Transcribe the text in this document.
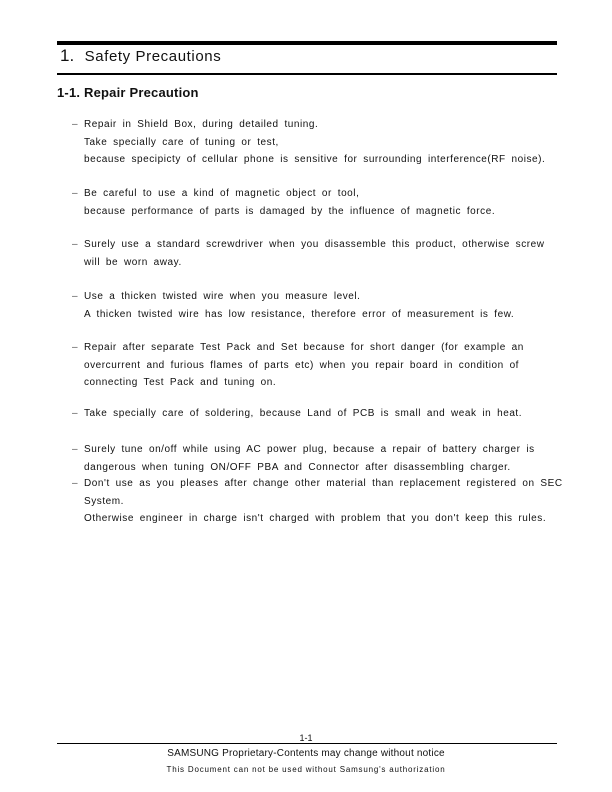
1. Safety Precautions
1-1. Repair Precaution
– Repair in Shield Box, during detailed tuning.
Take specially care of tuning or test,
because specipicty of cellular phone is sensitive for surrounding interference(RF noise).
– Be careful to use a kind of magnetic object or tool,
because performance of parts is damaged by the influence of magnetic force.
– Surely use a standard screwdriver when you disassemble this product, otherwise screw
will be worn away.
– Use a thicken twisted wire when you measure level.
A thicken twisted wire has low resistance, therefore error of measurement is few.
– Repair after separate Test Pack and Set because for short danger (for example an
overcurrent and furious flames of parts etc) when you repair board in condition of
connecting Test Pack and tuning on.
– Take specially care of soldering, because Land of PCB is small and weak in heat.
– Surely tune on/off while using AC power plug, because a repair of battery charger is
dangerous when tuning ON/OFF PBA and Connector after disassembling charger.
– Don't use as you pleases after change other material than replacement registered on SEC
System.
Otherwise engineer in charge isn't charged with problem that you don't keep this rules.
1-1
SAMSUNG Proprietary-Contents may change without notice
This Document can not be used without Samsung's authorization
